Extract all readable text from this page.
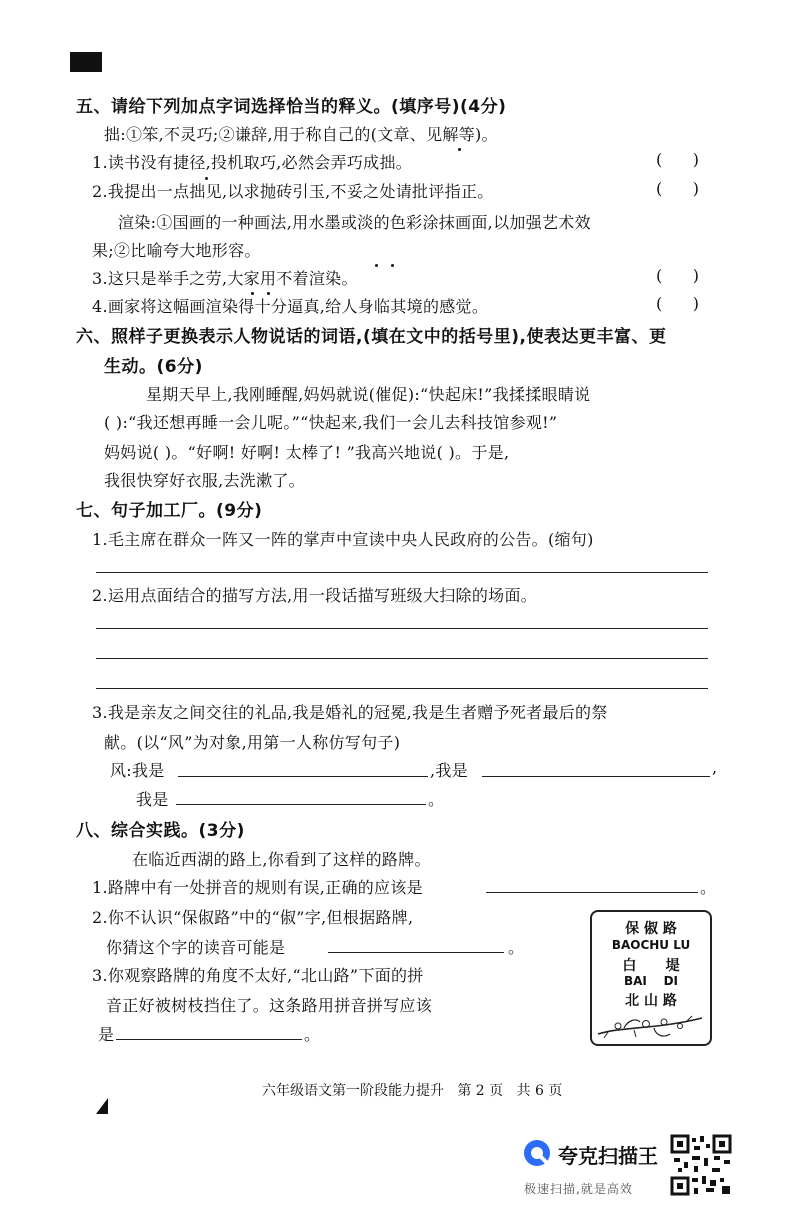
五、请给下列加点字词选择恰当的释义。(填序号)(4分)
拙:①笨,不灵巧;②谦辞,用于称自己的(文章、见解等)。
1.读书没有捷径,投机取巧,必然会弄巧成拙。	(      )
2.我提出一点拙见,以求抛砖引玉,不妥之处请批评指正。	(      )
渲染:①国画的一种画法,用水墨或淡的色彩涂抹画面,以加强艺术效
果;②比喻夸大地形容。
3.这只是举手之劳,大家用不着渲染。	(      )
4.画家将这幅画渲染得十分逼真,给人身临其境的感觉。	(      )
六、照样子更换表示人物说话的词语,(填在文中的括号里),使表达更丰富、更
生动。(6分)
星期天早上,我刚睡醒,妈妈就说(催促):“快起床!”我揉揉眼睛说
( ):“我还想再睡一会儿呢。”“快起来,我们一会儿去科技馆参观!”
妈妈说( )。“好啊! 好啊! 太棒了! ”我高兴地说( )。于是,
我很快穿好衣服,去洗漱了。
七、句子加工厂。(9分)
1.毛主席在群众一阵又一阵的掌声中宣读中央人民政府的公告。(缩句)
2.运用点面结合的描写方法,用一段话描写班级大扫除的场面。
3.我是亲友之间交往的礼品,我是婚礼的冠冕,我是生者赠予死者最后的祭
献。(以“风”为对象,用第一人称仿写句子)
风:我是	,我是	,
我是	。
八、综合实践。(3分)
在临近西湖的路上,你看到了这样的路牌。
1.路牌中有一处拼音的规则有误,正确的应该是	。
2.你不认识“保俶路”中的“俶”字,但根据路牌,
你猜这个字的读音可能是	。
3.你观察路牌的角度不太好,“北山路”下面的拼
音正好被树枝挡住了。这条路用拼音拼写应该
是	。
保 俶 路
BAOCHU LU
白      堤
BAI    DI
北 山 路
六年级语文第一阶段能力提升   第 2 页   共 6 页
夸克扫描王
极速扫描,就是高效
